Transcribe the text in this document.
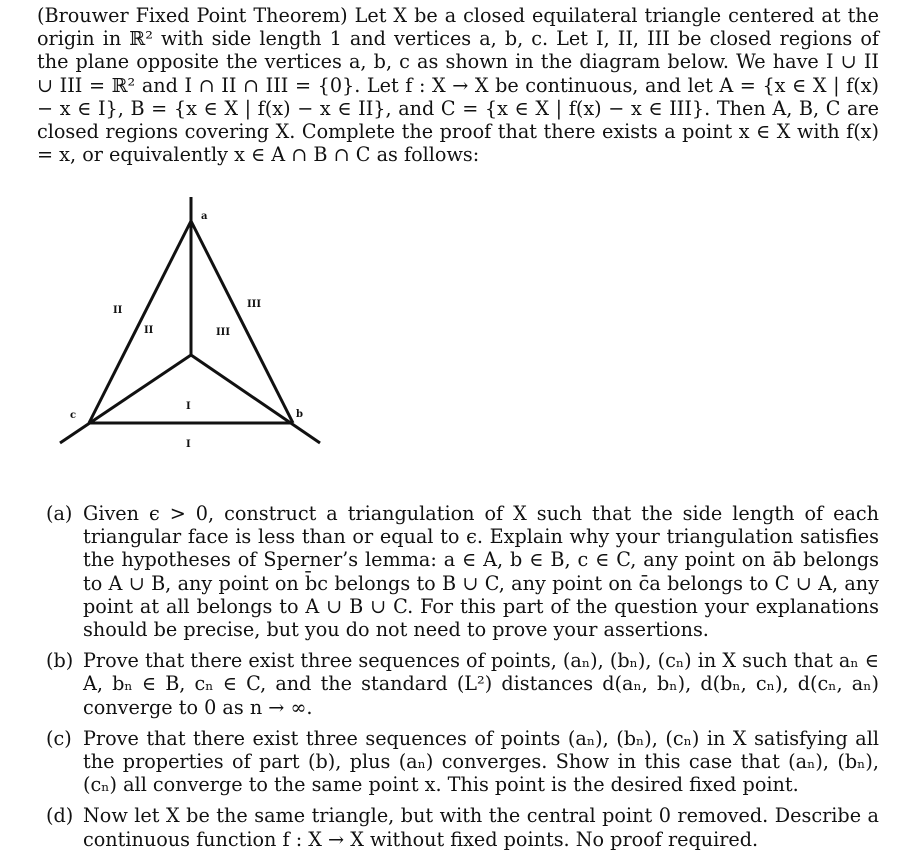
(Brouwer Fixed Point Theorem) Let X be a closed equilateral triangle centered at the origin in ℝ² with side length 1 and vertices a, b, c. Let I, II, III be closed regions of the plane opposite the vertices a, b, c as shown in the diagram below. We have I ∪ II ∪ III = ℝ² and I ∩ II ∩ III = {0}. Let f : X → X be continuous, and let A = {x ∈ X | f(x) − x ∈ I}, B = {x ∈ X | f(x) − x ∈ II}, and C = {x ∈ X | f(x) − x ∈ III}. Then A, B, C are closed regions covering X. Complete the proof that there exists a point x ∈ X with f(x) = x, or equivalently x ∈ A ∩ B ∩ C as follows:

a
b
c
II
II
III
III
I
I
(a) Given ϵ > 0, construct a triangulation of X such that the side length of each triangular face is less than or equal to ϵ. Explain why your triangulation satisfies the hypotheses of Sperner’s lemma: a ∈ A, b ∈ B, c ∈ C, any point on āb belongs to A ∪ B, any point on b̄c belongs to B ∪ C, any point on c̄a belongs to C ∪ A, any point at all belongs to A ∪ B ∪ C. For this part of the question your explanations should be precise, but you do not need to prove your assertions.
(b) Prove that there exist three sequences of points, (aₙ), (bₙ), (cₙ) in X such that aₙ ∈ A, bₙ ∈ B, cₙ ∈ C, and the standard (L²) distances d(aₙ, bₙ), d(bₙ, cₙ), d(cₙ, aₙ) converge to 0 as n → ∞.
(c) Prove that there exist three sequences of points (aₙ), (bₙ), (cₙ) in X satisfying all the properties of part (b), plus (aₙ) converges. Show in this case that (aₙ), (bₙ), (cₙ) all converge to the same point x. This point is the desired fixed point.
(d) Now let X be the same triangle, but with the central point 0 removed. Describe a continuous function f : X → X without fixed points. No proof required.
